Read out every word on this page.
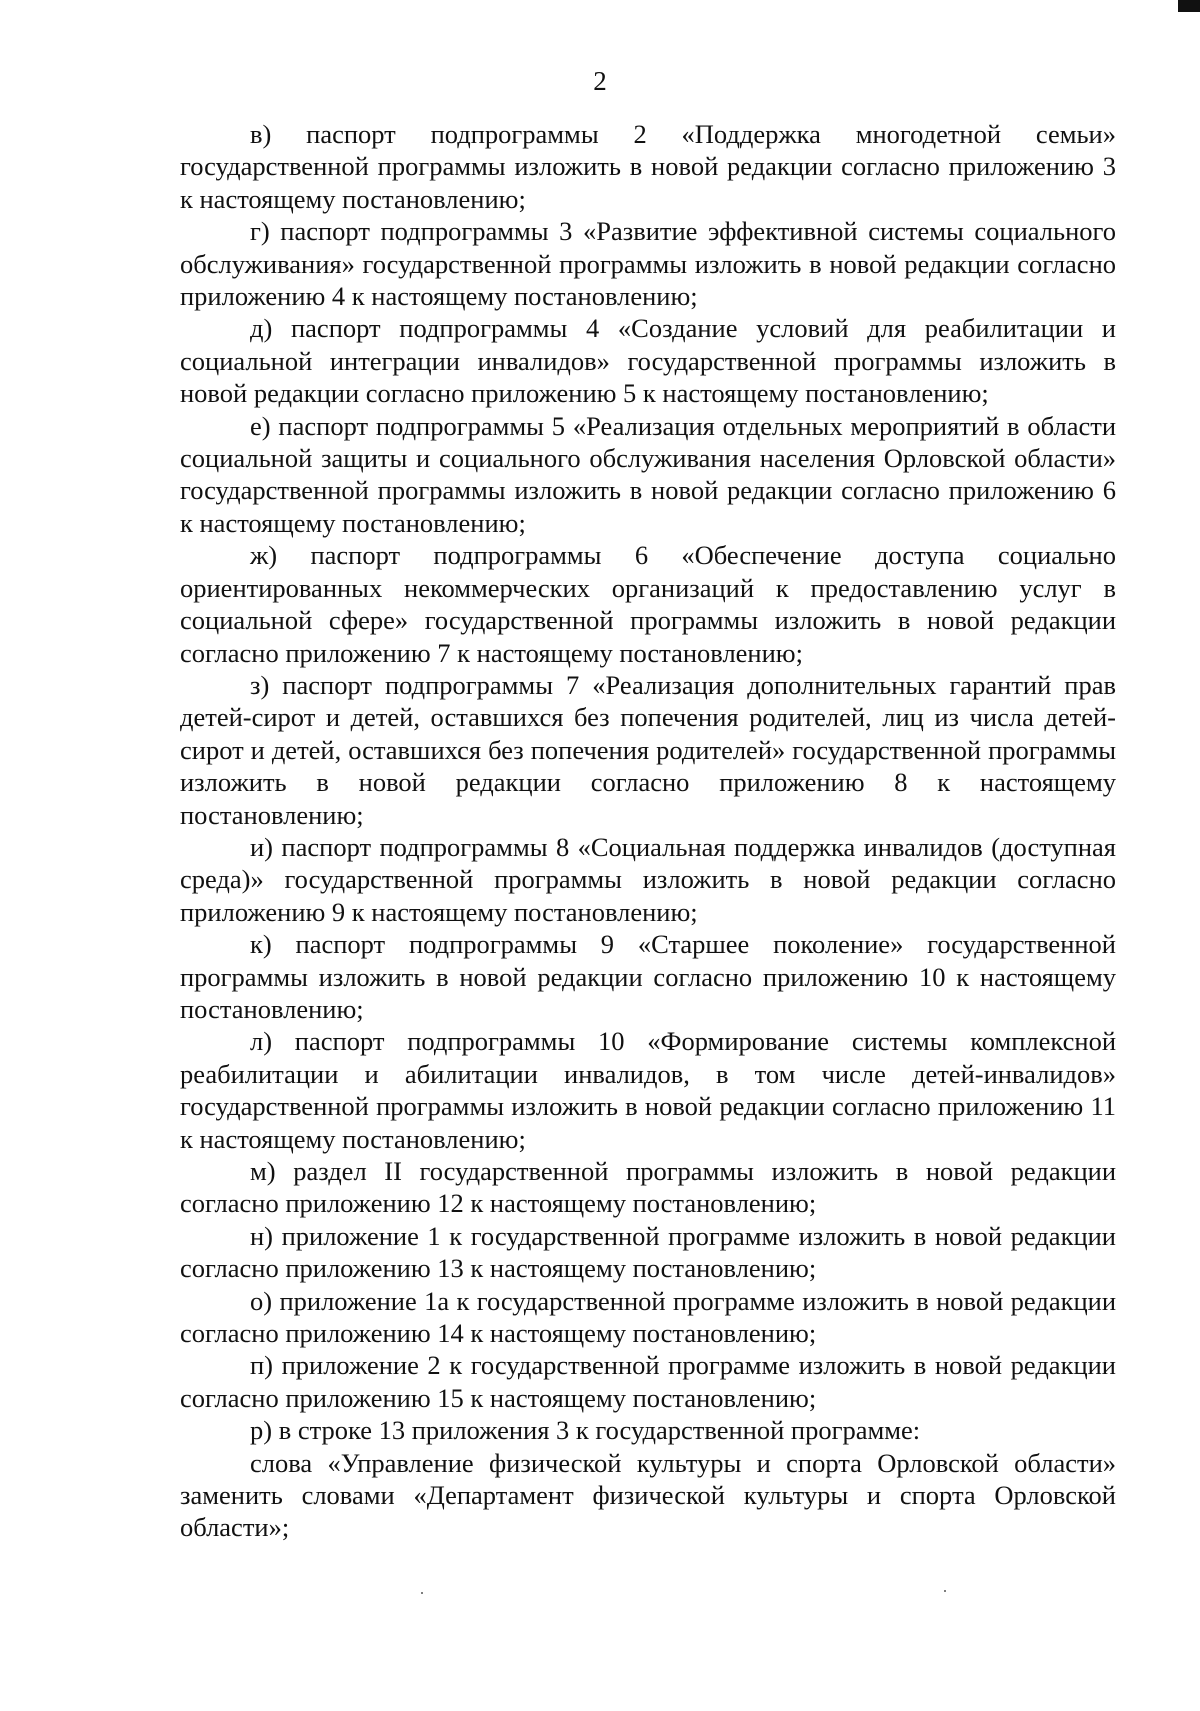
2

в) паспорт подпрограммы 2 «Поддержка многодетной семьи» государственной программы изложить в новой редакции согласно приложению 3 к настоящему постановлению;

г) паспорт подпрограммы 3 «Развитие эффективной системы социального обслуживания» государственной программы изложить в новой редакции согласно приложению 4 к настоящему постановлению;

д) паспорт подпрограммы 4 «Создание условий для реабилитации и социальной интеграции инвалидов» государственной программы изложить в новой редакции согласно приложению 5 к настоящему постановлению;

е) паспорт подпрограммы 5 «Реализация отдельных мероприятий в области социальной защиты и социального обслуживания населения Орловской области» государственной программы изложить в новой редакции согласно приложению 6 к настоящему постановлению;

ж) паспорт подпрограммы 6 «Обеспечение доступа социально ориентированных некоммерческих организаций к предоставлению услуг в социальной сфере» государственной программы изложить в новой редакции согласно приложению 7 к настоящему постановлению;

з) паспорт подпрограммы 7 «Реализация дополнительных гарантий прав детей-сирот и детей, оставшихся без попечения родителей, лиц из числа детей-сирот и детей, оставшихся без попечения родителей» государственной программы изложить в новой редакции согласно приложению 8 к настоящему постановлению;

и) паспорт подпрограммы 8 «Социальная поддержка инвалидов (доступная среда)» государственной программы изложить в новой редакции согласно приложению 9 к настоящему постановлению;

к) паспорт подпрограммы 9 «Старшее поколение» государственной программы изложить в новой редакции согласно приложению 10 к настоящему постановлению;

л) паспорт подпрограммы 10 «Формирование системы комплексной реабилитации и абилитации инвалидов, в том числе детей-инвалидов» государственной программы изложить в новой редакции согласно приложению 11 к настоящему постановлению;

м) раздел II государственной программы изложить в новой редакции согласно приложению 12 к настоящему постановлению;

н) приложение 1 к государственной программе изложить в новой редакции согласно приложению 13 к настоящему постановлению;

о) приложение 1а к государственной программе изложить в новой редакции согласно приложению 14 к настоящему постановлению;

п) приложение 2 к государственной программе изложить в новой редакции согласно приложению 15 к настоящему постановлению;

р) в строке 13 приложения 3 к государственной программе:

слова «Управление физической культуры и спорта Орловской области» заменить словами «Департамент физической культуры и спорта Орловской области»;
